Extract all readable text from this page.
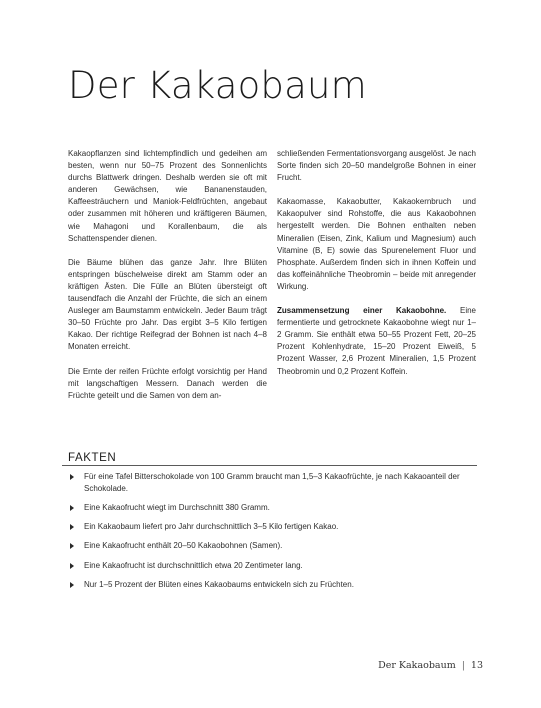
Der Kakaobaum

Kakaopflanzen sind lichtempfindlich und gedeihen am besten, wenn nur 50–75 Prozent des Sonnenlichts durchs Blattwerk dringen. Deshalb werden sie oft mit anderen Gewächsen, wie Bananenstauden, Kaffeesträuchern und Maniok-Feldfrüchten, angebaut oder zusammen mit höheren und kräftigeren Bäumen, wie Mahagoni und Korallenbaum, die als Schattenspender dienen.

Die Bäume blühen das ganze Jahr. Ihre Blüten entspringen büschelweise direkt am Stamm oder an kräftigen Ästen. Die Fülle an Blüten übersteigt oft tausendfach die Anzahl der Früchte, die sich an einem Ausleger am Baumstamm entwickeln. Jeder Baum trägt 30–50 Früchte pro Jahr. Das ergibt 3–5 Kilo fertigen Kakao. Der richtige Reifegrad der Bohnen ist nach 4–8 Monaten erreicht.

Die Ernte der reifen Früchte erfolgt vorsichtig per Hand mit langschaftigen Messern. Danach werden die Früchte geteilt und die Samen von dem an-

schließenden Fermentationsvorgang ausgelöst. Je nach Sorte finden sich 20–50 mandelgroße Bohnen in einer Frucht.

Kakaomasse, Kakaobutter, Kakaokernbruch und Kakaopulver sind Rohstoffe, die aus Kakaobohnen hergestellt werden. Die Bohnen enthalten neben Mineralien (Eisen, Zink, Kalium und Magnesium) auch Vitamine (B, E) sowie das Spurenelement Fluor und Phosphate. Außerdem finden sich in ihnen Koffein und das koffeinähnliche Theobromin – beide mit anregender Wirkung.

Zusammensetzung einer Kakaobohne. Eine fermentierte und getrocknete Kakaobohne wiegt nur 1–2 Gramm. Sie enthält etwa 50–55 Prozent Fett, 20–25 Prozent Kohlenhydrate, 15–20 Prozent Eiweiß, 5 Prozent Wasser, 2,6 Prozent Mineralien, 1,5 Prozent Theobromin und 0,2 Prozent Koffein.

FAKTEN
Für eine Tafel Bitterschokolade von 100 Gramm braucht man 1,5–3 Kakaofrüchte, je nach Kakaoanteil der Schokolade.
Eine Kakaofrucht wiegt im Durchschnitt 380 Gramm.
Ein Kakaobaum liefert pro Jahr durchschnittlich 3–5 Kilo fertigen Kakao.
Eine Kakaofrucht enthält 20–50 Kakaobohnen (Samen).
Eine Kakaofrucht ist durchschnittlich etwa 20 Zentimeter lang.
Nur 1–5 Prozent der Blüten eines Kakaobaums entwickeln sich zu Früchten.
Der Kakaobaum | 13
